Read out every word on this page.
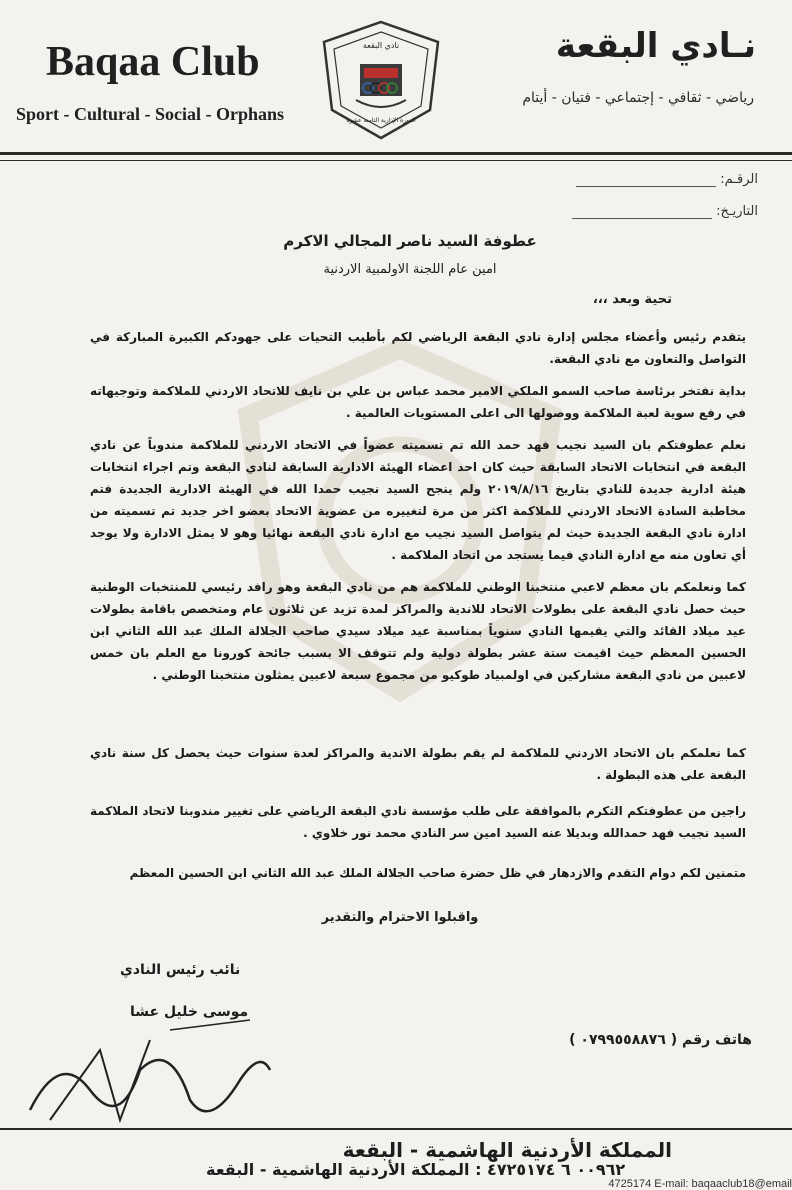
Baqaa Club
Sport - Cultural - Social - Orphans
نـادي البقعة
رياضي - ثقافي - إجتماعي - فتيان - أيتام
نادي البقعة
الدورة الإدارية الثامنة عشرة
الرقـم:
التاريـخ:
عطوفة السيد ناصر المجالي الاكرم
امين عام اللجنة الاولمبية الاردنية
تحية وبعد ،،،
يتقدم رئيس وأعضاء مجلس إدارة نادي البقعة الرياضي لكم بأطيب التحيات على جهودكم الكبيرة المباركة في التواصل والتعاون مع نادي البقعة.
بداية نفتخر برئاسة صاحب السمو الملكي الامير محمد عباس بن علي بن نايف للاتحاد الاردني للملاكمة وتوجيهاته في رفع سوية لعبة الملاكمة ووصولها الى اعلى المستويات العالمية .
نعلم عطوفتكم بان السيد نجيب فهد حمد الله تم تسميته عضواً في الاتحاد الاردني للملاكمة مندوباً عن نادي البقعة في انتخابات الاتحاد السابقة حيث كان احد اعضاء الهيئة الادارية السابقة لنادي البقعة وتم اجراء انتخابات هيئة ادارية جديدة للنادي بتاريخ ٢٠١٩/٨/١٦ ولم ينجح السيد نجيب حمدا الله في الهيئة الادارية الجديدة فتم مخاطبة السادة الاتحاد الاردني للملاكمة اكثر من مرة لتغييره من عضوية الاتحاد بعضو اخر جديد تم تسميته من ادارة نادي البقعة الجديدة حيث لم يتواصل السيد نجيب مع ادارة نادي البقعة نهائيا وهو لا يمثل الادارة ولا يوجد أي تعاون منه مع ادارة النادي فيما يستجد من اتحاد الملاكمة .
كما ونعلمكم بان معظم لاعبي منتخبنا الوطني للملاكمة هم من نادي البقعة وهو رافد رئيسي للمنتخبات الوطنية حيث حصل نادي البقعة على بطولات الاتحاد للاندية والمراكز لمدة تزيد عن ثلاثون عام ومتخصص باقامة بطولات عيد ميلاد القائد والتي يقيمها النادي سنوياً بمناسبة عيد ميلاد سيدي صاحب الجلالة الملك عبد الله الثاني ابن الحسين المعظم حيث اقيمت ستة عشر بطولة دولية ولم تتوقف الا بسبب جائحة كورونا مع العلم بان خمس لاعبين من نادي البقعة مشاركين في اولمبياد طوكيو من مجموع سبعة لاعبين يمثلون منتخبنا الوطني .
كما نعلمكم بان الاتحاد الاردني للملاكمة لم يقم بطولة الاندية والمراكز لعدة سنوات حيث يحصل كل سنة نادي البقعة على هذه البطولة .
راجين من عطوفتكم التكرم بالموافقة على طلب مؤسسة نادي البقعة الرياضي على تغيير مندوبنا لاتحاد الملاكمة السيد نجيب فهد حمدالله وبديلا عنه السيد امين سر النادي محمد نور خلاوي .
متمنين لكم دوام التقدم والازدهار في ظل حضرة صاحب الجلالة الملك عبد الله الثاني ابن الحسين المعظم
واقبلوا الاحترام والتقدير
نائب رئيس النادي
موسى خليل عشا
هاتف رقم ( ٠٧٩٩٥٥٨٨٧٦ )
المملكة الأردنية الهاشمية - البقعة
٠٠٩٦٢ ٦ ٤٧٢٥١٧٤ : المملكة الأردنية الهاشمية - البقعة
4725174 E-mail: baqaaclub18@email
